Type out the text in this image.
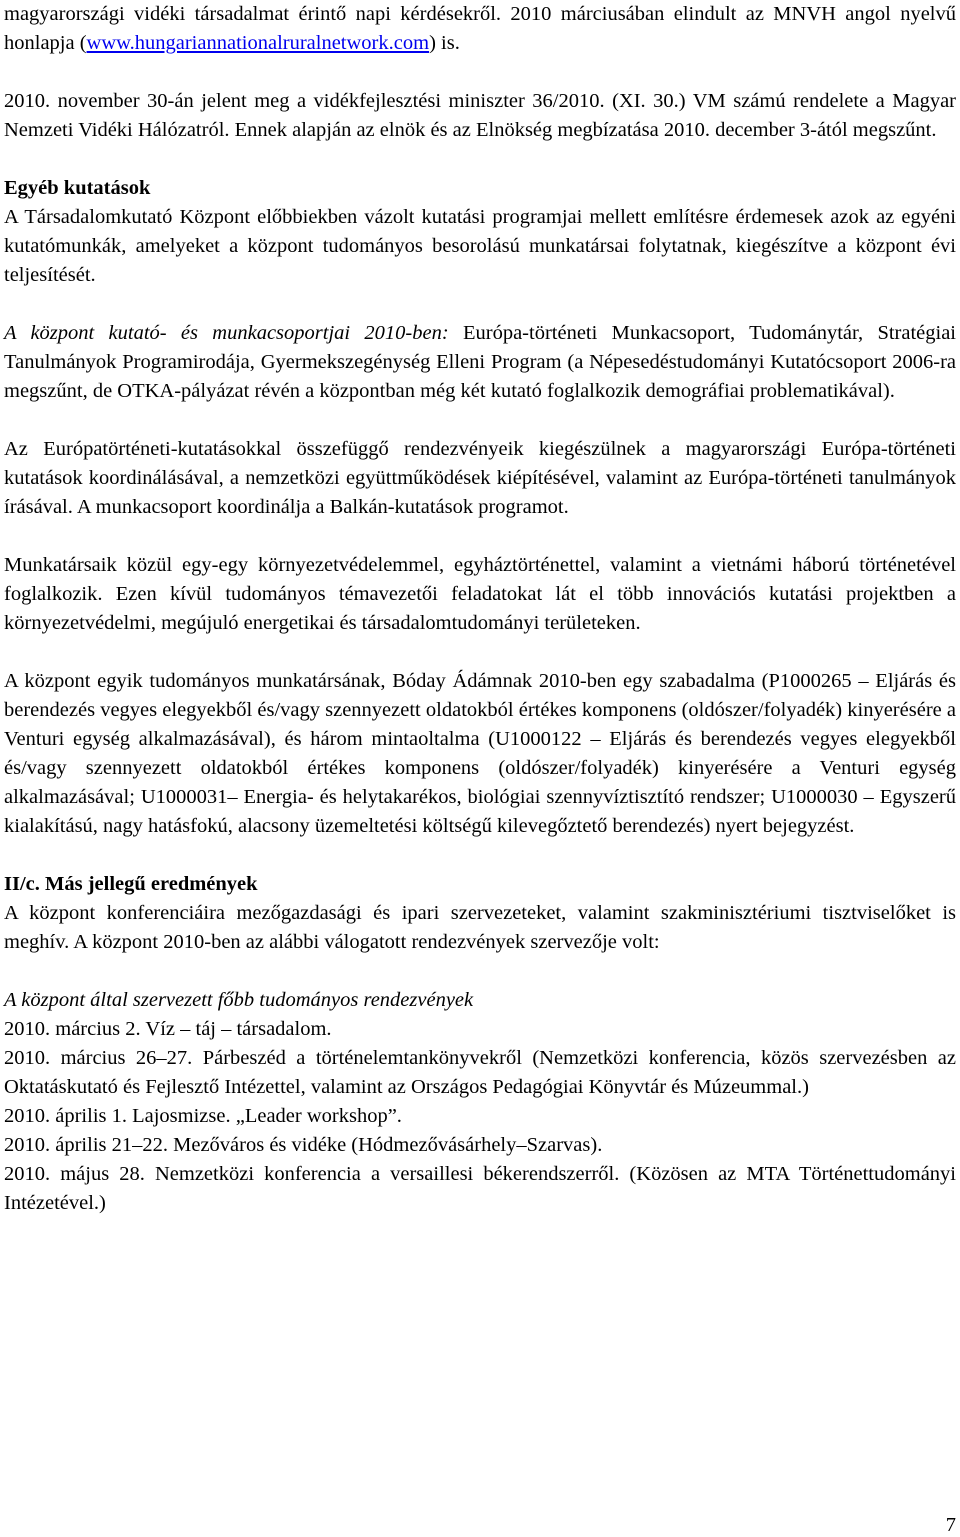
magyarországi vidéki társadalmat érintő napi kérdésekről. 2010 márciusában elindult az MNVH angol nyelvű honlapja (www.hungariannationalruralnetwork.com) is.

2010. november 30-án jelent meg a vidékfejlesztési miniszter 36/2010. (XI. 30.) VM számú rendelete a Magyar Nemzeti Vidéki Hálózatról. Ennek alapján az elnök és az Elnökség megbízatása 2010. december 3-ától megszűnt.

Egyéb kutatások

A Társadalomkutató Központ előbbiekben vázolt kutatási programjai mellett említésre érdemesek azok az egyéni kutatómunkák, amelyeket a központ tudományos besorolású munkatársai folytatnak, kiegészítve a központ évi teljesítését.

A központ kutató- és munkacsoportjai 2010-ben: Európa-történeti Munkacsoport, Tudománytár, Stratégiai Tanulmányok Programirodája, Gyermekszegénység Elleni Program (a Népesedéstudományi Kutatócsoport 2006-ra megszűnt, de OTKA-pályázat révén a központban még két kutató foglalkozik demográfiai problematikával).

Az Európatörténeti-kutatásokkal összefüggő rendezvényeik kiegészülnek a magyarországi Európa-történeti kutatások koordinálásával, a nemzetközi együttműködések kiépítésével, valamint az Európa-történeti tanulmányok írásával. A munkacsoport koordinálja a Balkán-kutatások programot.

Munkatársaik közül egy-egy környezetvédelemmel, egyháztörténettel, valamint a vietnámi háború történetével foglalkozik. Ezen kívül tudományos témavezetői feladatokat lát el több innovációs kutatási projektben a környezetvédelmi, megújuló energetikai és társadalomtudományi területeken.

A központ egyik tudományos munkatársának, Bóday Ádámnak 2010-ben egy szabadalma (P1000265 – Eljárás és berendezés vegyes elegyekből és/vagy szennyezett oldatokból értékes komponens (oldószer/folyadék) kinyerésére a Venturi egység alkalmazásával), és három mintaoltalma (U1000122 – Eljárás és berendezés vegyes elegyekből és/vagy szennyezett oldatokból értékes komponens (oldószer/folyadék) kinyerésére a Venturi egység alkalmazásával; U1000031– Energia- és helytakarékos, biológiai szennyvíztisztító rendszer; U1000030 – Egyszerű kialakítású, nagy hatásfokú, alacsony üzemeltetési költségű kilevegőztető berendezés) nyert bejegyzést.

II/c. Más jellegű eredmények

A központ konferenciáira mezőgazdasági és ipari szervezeteket, valamint szakminisztériumi tisztviselőket is meghív. A központ 2010-ben az alábbi válogatott rendezvények szervezője volt:

A központ által szervezett főbb tudományos rendezvények

2010. március 2. Víz – táj – társadalom.

2010. március 26–27. Párbeszéd a történelemtankönyvekről (Nemzetközi konferencia, közös szervezésben az Oktatáskutató és Fejlesztő Intézettel, valamint az Országos Pedagógiai Könyvtár és Múzeummal.)

2010. április 1. Lajosmizse. „Leader workshop”.

2010. április 21–22. Mezőváros és vidéke (Hódmezővásárhely–Szarvas).

2010. május 28. Nemzetközi konferencia a versaillesi békerendszerről. (Közösen az MTA Történettudományi Intézetével.)

7
